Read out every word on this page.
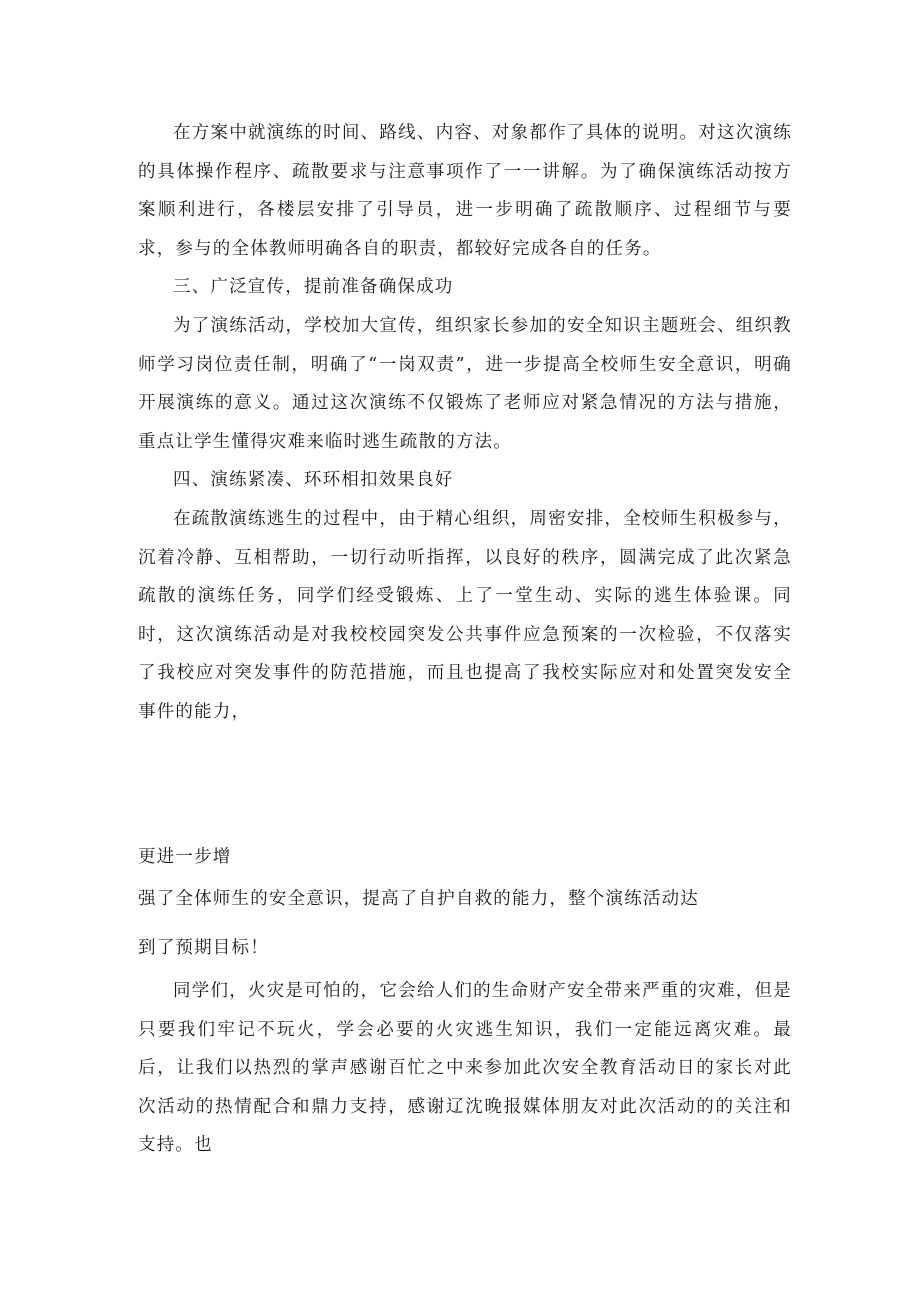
在方案中就演练的时间、路线、内容、对象都作了具体的说明。对这次演练的具体操作程序、疏散要求与注意事项作了一一讲解。为了确保演练活动按方案顺利进行，各楼层安排了引导员，进一步明确了疏散顺序、过程细节与要求，参与的全体教师明确各自的职责，都较好完成各自的任务。

三、广泛宣传，提前准备确保成功

为了演练活动，学校加大宣传，组织家长参加的安全知识主题班会、组织教师学习岗位责任制，明确了“一岗双责”，进一步提高全校师生安全意识，明确开展演练的意义。通过这次演练不仅锻炼了老师应对紧急情况的方法与措施，重点让学生懂得灾难来临时逃生疏散的方法。

四、演练紧凑、环环相扣效果良好

在疏散演练逃生的过程中，由于精心组织，周密安排，全校师生积极参与，沉着冷静、互相帮助，一切行动听指挥，以良好的秩序，圆满完成了此次紧急疏散的演练任务，同学们经受锻炼、上了一堂生动、实际的逃生体验课。同时，这次演练活动是对我校校园突发公共事件应急预案的一次检验，不仅落实了我校应对突发事件的防范措施，而且也提高了我校实际应对和处置突发安全事件的能力，

更进一步增
强了全体师生的安全意识，提高了自护自救的能力，整个演练活动达
到了预期目标！

同学们，火灾是可怕的，它会给人们的生命财产安全带来严重的灾难，但是只要我们牢记不玩火，学会必要的火灾逃生知识，我们一定能远离灾难。最后，让我们以热烈的掌声感谢百忙之中来参加此次安全教育活动日的家长对此次活动的热情配合和鼎力支持，感谢辽沈晚报媒体朋友对此次活动的的关注和支持。也
